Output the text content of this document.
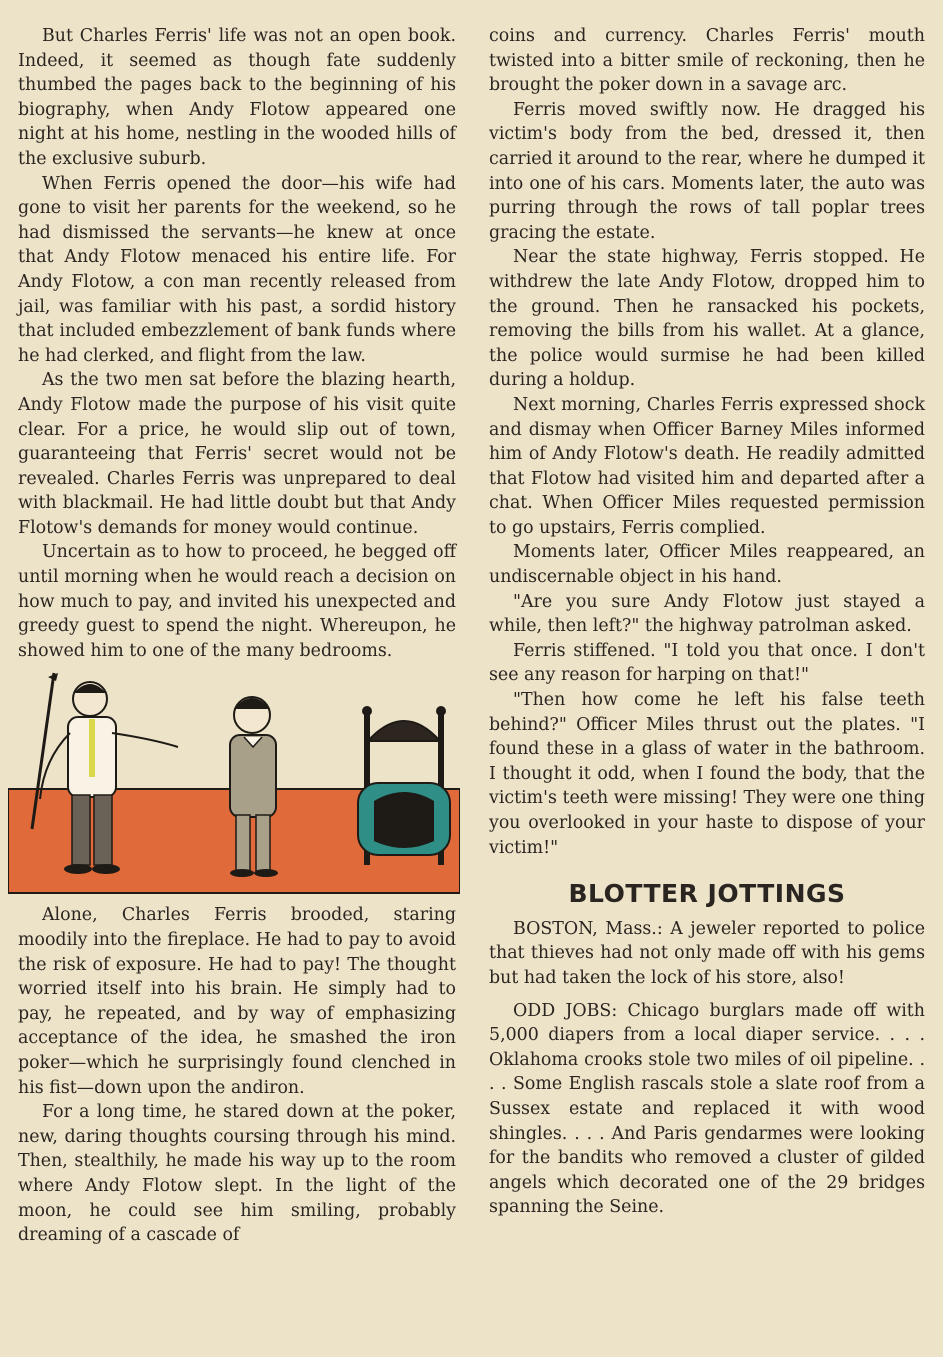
But Charles Ferris' life was not an open book. Indeed, it seemed as though fate suddenly thumbed the pages back to the beginning of his biography, when Andy Flotow appeared one night at his home, nestling in the wooded hills of the exclusive suburb.

When Ferris opened the door—his wife had gone to visit her parents for the weekend, so he had dismissed the servants—he knew at once that Andy Flotow menaced his entire life. For Andy Flotow, a con man recently released from jail, was familiar with his past, a sordid history that included embezzlement of bank funds where he had clerked, and flight from the law.

As the two men sat before the blazing hearth, Andy Flotow made the purpose of his visit quite clear. For a price, he would slip out of town, guaranteeing that Ferris' secret would not be revealed. Charles Ferris was unprepared to deal with blackmail. He had little doubt but that Andy Flotow's demands for money would continue.

Uncertain as to how to proceed, he begged off until morning when he would reach a decision on how much to pay, and invited his unexpected and greedy guest to spend the night. Whereupon, he showed him to one of the many bedrooms.

Alone, Charles Ferris brooded, staring moodily into the fireplace. He had to pay to avoid the risk of exposure. He had to pay! The thought worried itself into his brain. He simply had to pay, he repeated, and by way of emphasizing acceptance of the idea, he smashed the iron poker—which he surprisingly found clenched in his fist—down upon the andiron.

For a long time, he stared down at the poker, new, daring thoughts coursing through his mind. Then, stealthily, he made his way up to the room where Andy Flotow slept. In the light of the moon, he could see him smiling, probably dreaming of a cascade of

coins and currency. Charles Ferris' mouth twisted into a bitter smile of reckoning, then he brought the poker down in a savage arc.

Ferris moved swiftly now. He dragged his victim's body from the bed, dressed it, then carried it around to the rear, where he dumped it into one of his cars. Moments later, the auto was purring through the rows of tall poplar trees gracing the estate.

Near the state highway, Ferris stopped. He withdrew the late Andy Flotow, dropped him to the ground. Then he ransacked his pockets, removing the bills from his wallet. At a glance, the police would surmise he had been killed during a holdup.

Next morning, Charles Ferris expressed shock and dismay when Officer Barney Miles informed him of Andy Flotow's death. He readily admitted that Flotow had visited him and departed after a chat. When Officer Miles requested permission to go upstairs, Ferris complied.

Moments later, Officer Miles reappeared, an undiscernable object in his hand.

"Are you sure Andy Flotow just stayed a while, then left?" the highway patrolman asked.

Ferris stiffened. "I told you that once. I don't see any reason for harping on that!"

"Then how come he left his false teeth behind?" Officer Miles thrust out the plates. "I found these in a glass of water in the bathroom. I thought it odd, when I found the body, that the victim's teeth were missing! They were one thing you overlooked in your haste to dispose of your victim!"

BLOTTER JOTTINGS

BOSTON, Mass.: A jeweler reported to police that thieves had not only made off with his gems but had taken the lock of his store, also!

ODD JOBS: Chicago burglars made off with 5,000 diapers from a local diaper service. . . . Oklahoma crooks stole two miles of oil pipeline. . . . Some English rascals stole a slate roof from a Sussex estate and replaced it with wood shingles. . . . And Paris gendarmes were looking for the bandits who removed a cluster of gilded angels which decorated one of the 29 bridges spanning the Seine.
